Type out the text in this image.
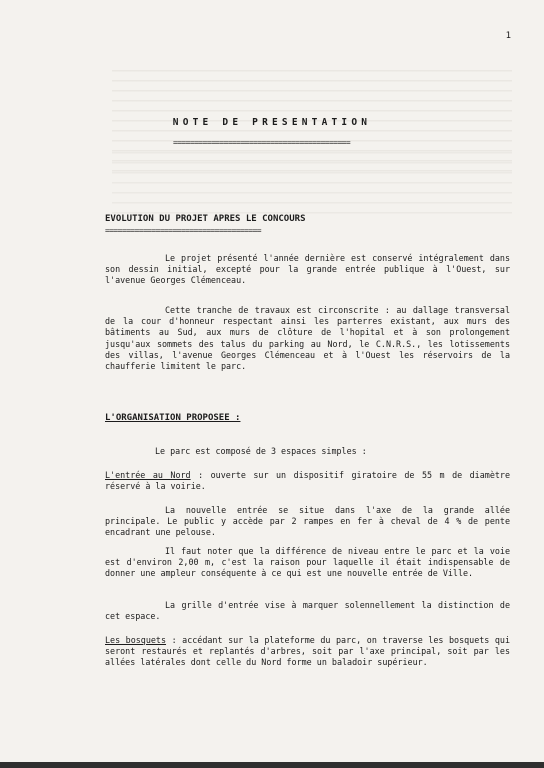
1
NOTE DE PRESENTATION
==========================================
EVOLUTION DU PROJET APRES LE CONCOURS
=====================================
Le projet présenté l'année dernière est conservé intégralement dans son dessin initial, excepté pour la grande entrée publique à l'Ouest, sur l'avenue Georges Clémenceau.
Cette tranche de travaux est circonscrite : au dallage transversal de la cour d'honneur respectant ainsi les parterres existant, aux murs des bâtiments au Sud, aux murs de clôture de l'hopital et à son prolongement jusqu'aux sommets des talus du parking au Nord, le C.N.R.S., les lotissements des villas, l'avenue Georges Clémenceau et à l'Ouest les réservoirs de la chaufferie limitent le parc.
L'ORGANISATION PROPOSEE :
Le parc est composé de 3 espaces simples :
L'entrée au Nord : ouverte sur un dispositif giratoire de 55 m de diamètre réservé à la voirie.
La nouvelle entrée se situe dans l'axe de la grande allée principale. Le public y accède par 2 rampes en fer à cheval de 4 % de pente encadrant une pelouse.
Il faut noter que la différence de niveau entre le parc et la voie est d'environ 2,00 m, c'est la raison pour laquelle il était indispensable de donner une ampleur conséquente à ce qui est une nouvelle entrée de Ville.
La grille d'entrée vise à marquer solennellement la distinction de cet espace.
Les bosquets : accédant sur la plateforme du parc, on traverse les bosquets qui seront restaurés et replantés d'arbres, soit par l'axe principal, soit par les allées latérales dont celle du Nord forme un baladoir supérieur.
